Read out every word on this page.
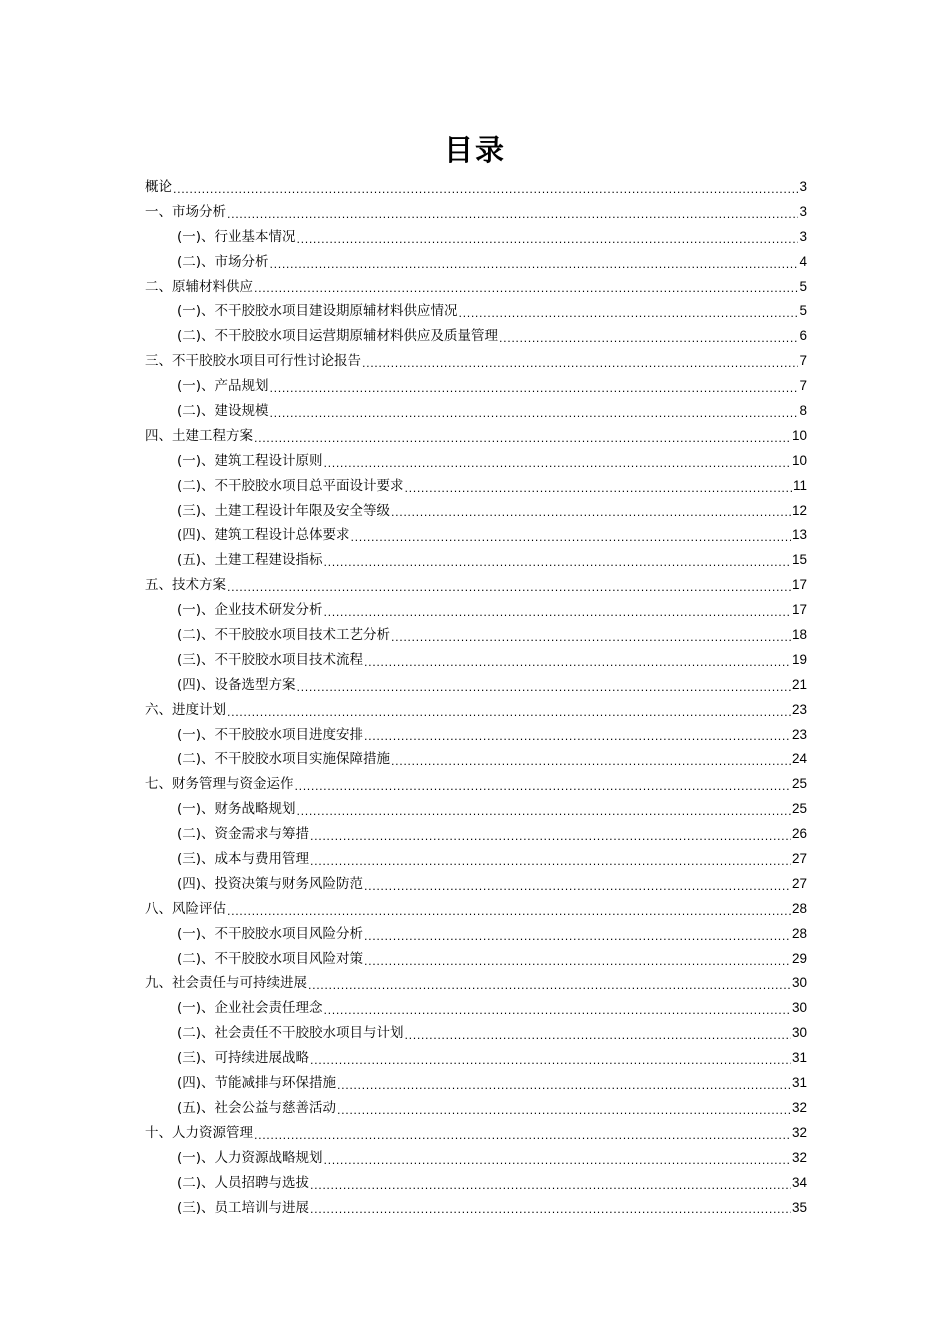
目录
概论 .....	3
一、市场分析 .....	3
(一)、行业基本情况 .....	3
(二)、市场分析 .....	4
二、原辅材料供应 .....	5
(一)、不干胶胶水项目建设期原辅材料供应情况 .....	5
(二)、不干胶胶水项目运营期原辅材料供应及质量管理 .....	6
三、不干胶胶水项目可行性讨论报告 .....	7
(一)、产品规划 .....	7
(二)、建设规模 .....	8
四、土建工程方案 .....	10
(一)、建筑工程设计原则 .....	10
(二)、不干胶胶水项目总平面设计要求 .....	11
(三)、土建工程设计年限及安全等级 .....	12
(四)、建筑工程设计总体要求 .....	13
(五)、土建工程建设指标 .....	15
五、技术方案 .....	17
(一)、企业技术研发分析 .....	17
(二)、不干胶胶水项目技术工艺分析 .....	18
(三)、不干胶胶水项目技术流程 .....	19
(四)、设备选型方案 .....	21
六、进度计划 .....	23
(一)、不干胶胶水项目进度安排 .....	23
(二)、不干胶胶水项目实施保障措施 .....	24
七、财务管理与资金运作 .....	25
(一)、财务战略规划 .....	25
(二)、资金需求与筹措 .....	26
(三)、成本与费用管理 .....	27
(四)、投资决策与财务风险防范 .....	27
八、风险评估 .....	28
(一)、不干胶胶水项目风险分析 .....	28
(二)、不干胶胶水项目风险对策 .....	29
九、社会责任与可持续进展 .....	30
(一)、企业社会责任理念 .....	30
(二)、社会责任不干胶胶水项目与计划 .....	30
(三)、可持续进展战略 .....	31
(四)、节能减排与环保措施 .....	31
(五)、社会公益与慈善活动 .....	32
十、人力资源管理 .....	32
(一)、人力资源战略规划 .....	32
(二)、人员招聘与选拔 .....	34
(三)、员工培训与进展 .....	35
